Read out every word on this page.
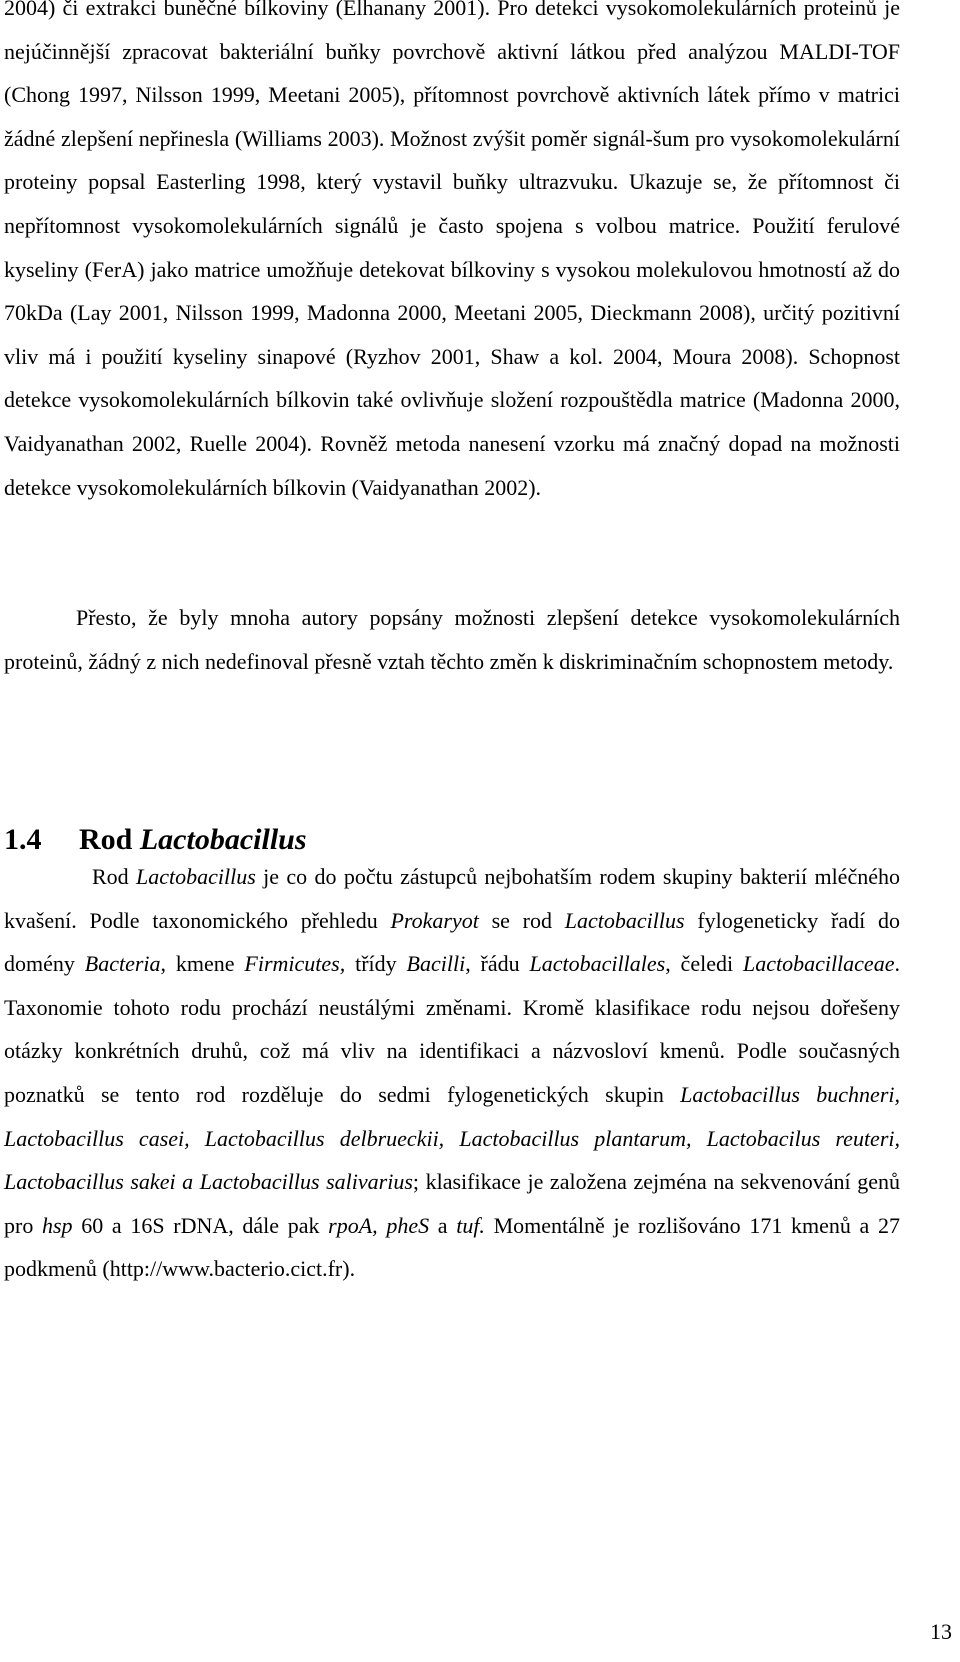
2004) či extrakci buněčné bílkoviny (Elhanany 2001). Pro detekci vysokomolekulárních proteinů je nejúčinnější zpracovat bakteriální buňky povrchově aktivní látkou před analýzou MALDI-TOF (Chong 1997, Nilsson 1999, Meetani 2005), přítomnost povrchově aktivních látek přímo v matrici žádné zlepšení nepřinesla (Williams 2003). Možnost zvýšit poměr signál-šum pro vysokomolekulární proteiny popsal Easterling 1998, který vystavil buňky ultrazvuku. Ukazuje se, že přítomnost či nepřítomnost vysokomolekulárních signálů je často spojena s volbou matrice. Použití ferulové kyseliny (FerA) jako matrice umožňuje detekovat bílkoviny s vysokou molekulovou hmotností až do 70kDa (Lay 2001, Nilsson 1999, Madonna 2000, Meetani 2005, Dieckmann 2008), určitý pozitivní vliv má i použití kyseliny sinapové (Ryzhov 2001, Shaw a kol. 2004, Moura 2008). Schopnost detekce vysokomolekulárních bílkovin také ovlivňuje složení rozpouštědla matrice (Madonna 2000, Vaidyanathan 2002, Ruelle 2004). Rovněž metoda nanesení vzorku má značný dopad na možnosti detekce vysokomolekulárních bílkovin (Vaidyanathan 2002).

Přesto, že byly mnoha autory popsány možnosti zlepšení detekce vysokomolekulárních proteinů, žádný z nich nedefinoval přesně vztah těchto změn k diskriminačním schopnostem metody.

1.4 Rod Lactobacillus

Rod Lactobacillus je co do počtu zástupců nejbohatším rodem skupiny bakterií mléčného kvašení. Podle taxonomického přehledu Prokaryot se rod Lactobacillus fylogeneticky řadí do domény Bacteria, kmene Firmicutes, třídy Bacilli, řádu Lactobacillales, čeledi Lactobacillaceae. Taxonomie tohoto rodu prochází neustálými změnami. Kromě klasifikace rodu nejsou dořešeny otázky konkrétních druhů, což má vliv na identifikaci a názvosloví kmenů. Podle současných poznatků se tento rod rozděluje do sedmi fylogenetických skupin Lactobacillus buchneri, Lactobacillus casei, Lactobacillus delbrueckii, Lactobacillus plantarum, Lactobacilus reuteri, Lactobacillus sakei a Lactobacillus salivarius; klasifikace je založena zejména na sekvenování genů pro hsp 60 a 16S rDNA, dále pak rpoA, pheS a tuf. Momentálně je rozlišováno 171 kmenů a 27 podkmenů (http://www.bacterio.cict.fr).

13
